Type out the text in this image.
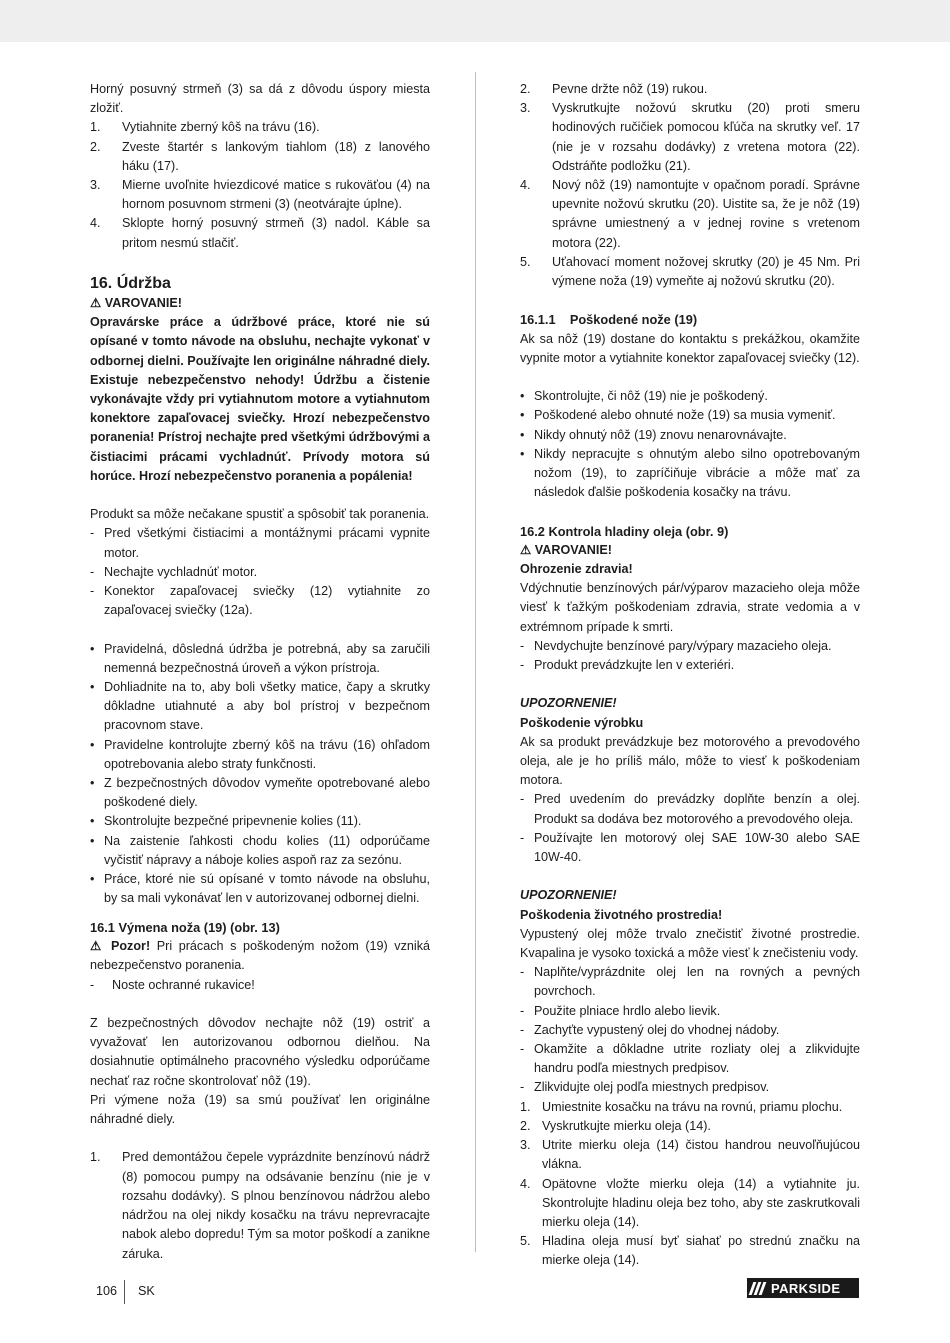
Horný posuvný strmeň (3) sa dá z dôvodu úspory miesta zložiť.

1.	Vytiahnite zberný kôš na trávu (16).
2.	Zveste štartér s lankovým tiahlom (18) z lanového háku (17).
3.	Mierne uvoľnite hviezdicové matice s rukoväťou (4) na hornom posuvnom strmeni (3) (neotvárajte úplne).
4.	Sklopte horný posuvný strmeň (3) nadol. Káble sa pritom nesmú stlačiť.
16. Údržba
⚠ VAROVANIE!

Opravárske práce a údržbové práce, ktoré nie sú opísané v tomto návode na obsluhu, nechajte vykonať v odbornej dielni. Používajte len originálne náhradné diely. Existuje nebezpečenstvo nehody! Údržbu a čistenie vykonávajte vždy pri vytiahnutom motore a vytiahnutom konektore zapaľovacej sviečky. Hrozí nebezpečenstvo poranenia! Prístroj nechajte pred všetkými údržbovými a čistiacimi prácami vychladnúť. Prívody motora sú horúce. Hrozí nebezpečenstvo poranenia a popálenia!

Produkt sa môže nečakane spustiť a spôsobiť tak poranenia.

- Pred všetkými čistiacimi a montážnymi prácami vypnite motor.
- Nechajte vychladnúť motor.
- Konektor zapaľovacej sviečky (12) vytiahnite zo zapaľovacej sviečky (12a).
• Pravidelná, dôsledná údržba je potrebná, aby sa zaručili nemenná bezpečnostná úroveň a výkon prístroja.
• Dohliadnite na to, aby boli všetky matice, čapy a skrutky dôkladne utiahnuté a aby bol prístroj v bezpečnom pracovnom stave.
• Pravidelne kontrolujte zberný kôš na trávu (16) ohľadom opotrebovania alebo straty funkčnosti.
• Z bezpečnostných dôvodov vymeňte opotrebované alebo poškodené diely.
• Skontrolujte bezpečné pripevnenie kolies (11).
• Na zaistenie ľahkosti chodu kolies (11) odporúčame vyčistiť nápravy a náboje kolies aspoň raz za sezónu.
• Práce, ktoré nie sú opísané v tomto návode na obsluhu, by sa mali vykonávať len v autorizovanej odbornej dielni.
16.1 Výmena noža (19) (obr. 13)

⚠ Pozor! Pri prácach s poškodeným nožom (19) vzniká nebezpečenstvo poranenia.

-	Noste ochranné rukavice!

Z bezpečnostných dôvodov nechajte nôž (19) ostriť a vyvažovať len autorizovanou odbornou dielňou. Na dosiahnutie optimálneho pracovného výsledku odporúčame nechať raz ročne skontrolovať nôž (19).

Pri výmene noža (19) sa smú používať len originálne náhradné diely.

1.	Pred demontážou čepele vyprázdnite benzínovú nádrž (8) pomocou pumpy na odsávanie benzínu (nie je v rozsahu dodávky). S plnou benzínovou nádržou alebo nádržou na olej nikdy kosačku na trávu neprevracajte nabok alebo dopredu! Tým sa motor poškodí a zanikne záruka.
2.	Pevne držte nôž (19) rukou.
3.	Vyskrutkujte nožovú skrutku (20) proti smeru hodinových ručičiek pomocou kľúča na skrutky veľ. 17 (nie je v rozsahu dodávky) z vretena motora (22). Odstráňte podložku (21).
4.	Nový nôž (19) namontujte v opačnom poradí. Správne upevnite nožovú skrutku (20). Uistite sa, že je nôž (19) správne umiestnený a v jednej rovine s vretenom motora (22).
5.	Uťahovací moment nožovej skrutky (20) je 45 Nm. Pri výmene noža (19) vymeňte aj nožovú skrutku (20).
16.1.1 Poškodené nože (19)

Ak sa nôž (19) dostane do kontaktu s prekážkou, okamžite vypnite motor a vytiahnite konektor zapaľovacej sviečky (12).

• Skontrolujte, či nôž (19) nie je poškodený.
• Poškodené alebo ohnuté nože (19) sa musia vymeniť.
• Nikdy ohnutý nôž (19) znovu nenarovnávajte.
• Nikdy nepracujte s ohnutým alebo silno opotrebovaným nožom (19), to zapríčiňuje vibrácie a môže mať za následok ďalšie poškodenia kosačky na trávu.
16.2 Kontrola hladiny oleja (obr. 9)
⚠ VAROVANIE!
Ohrozenie zdravia!

Vdýchnutie benzínových pár/výparov mazacieho oleja môže viesť k ťažkým poškodeniam zdravia, strate vedomia a v extrémnom prípade k smrti.

- Nevdychujte benzínové pary/výpary mazacieho oleja.
- Produkt prevádzkujte len v exteriéri.
UPOZORNENIE!
Poškodenie výrobku

Ak sa produkt prevádzkuje bez motorového a prevodového oleja, ale je ho príliš málo, môže to viesť k poškodeniam motora.

- Pred uvedením do prevádzky doplňte benzín a olej. Produkt sa dodáva bez motorového a prevodového oleja.
- Používajte len motorový olej SAE 10W-30 alebo SAE 10W-40.
UPOZORNENIE!
Poškodenia životného prostredia!

Vypustený olej môže trvalo znečistiť životné prostredie. Kvapalina je vysoko toxická a môže viesť k znečisteniu vody.

- Naplňte/vyprázdnite olej len na rovných a pevných povrchoch.
- Použite plniace hrdlo alebo lievik.
- Zachyťte vypustený olej do vhodnej nádoby.
- Okamžite a dôkladne utrite rozliaty olej a zlikvidujte handru podľa miestnych predpisov.
- Zlikvidujte olej podľa miestnych predpisov.
1. Umiestnite kosačku na trávu na rovnú, priamu plochu.
2. Vyskrutkujte mierku oleja (14).
3. Utrite mierku oleja (14) čistou handrou neuvoľňujúcou vlákna.
4. Opätovne vložte mierku oleja (14) a vytiahnite ju. Skontrolujte hladinu oleja bez toho, aby ste zaskrutkovali mierku oleja (14).
5. Hladina oleja musí byť siahať po strednú značku na mierke oleja (14).
106 SK	PARKSIDE
